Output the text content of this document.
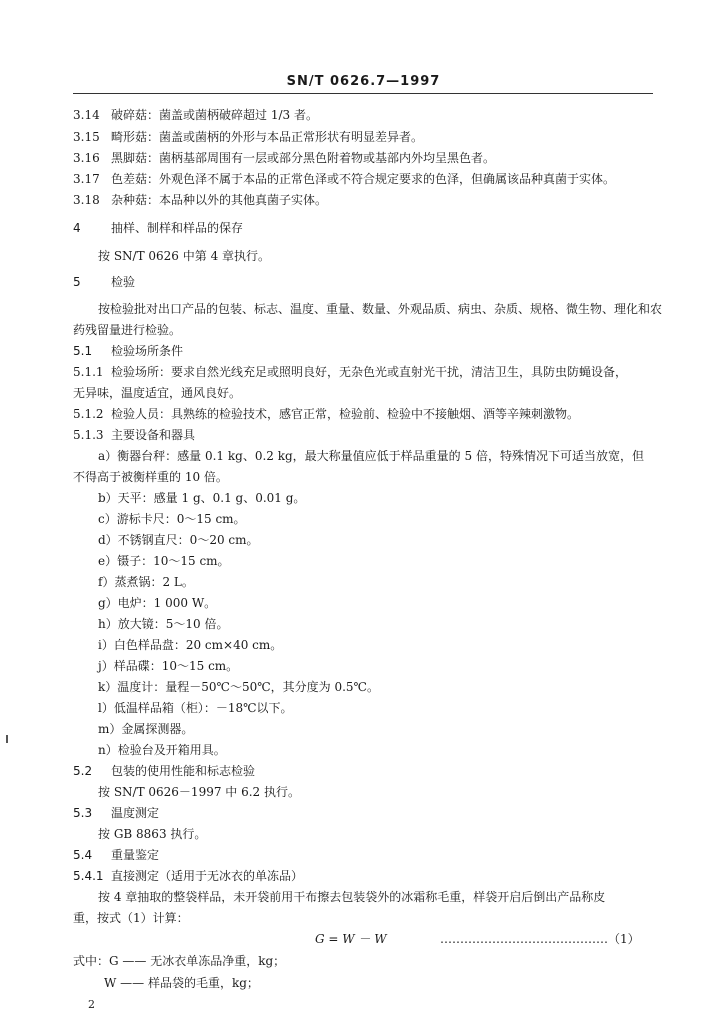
SN/T 0626.7—1997
3.14 破碎菇：菌盖或菌柄破碎超过 1/3 者。
3.15 畸形菇：菌盖或菌柄的外形与本品正常形状有明显差异者。
3.16 黑脚菇：菌柄基部周围有一层或部分黑色附着物或基部内外均呈黑色者。
3.17 色差菇：外观色泽不属于本品的正常色泽或不符合规定要求的色泽，但确属该品种真菌于实体。
3.18 杂种菇：本品种以外的其他真菌子实体。
4	抽样、制样和样品的保存
按 SN/T 0626 中第 4 章执行。
5	检验
按检验批对出口产品的包装、标志、温度、重量、数量、外观品质、病虫、杂质、规格、微生物、理化和农
药残留量进行检验。
5.1 检验场所条件
5.1.1 检验场所：要求自然光线充足或照明良好，无杂色光或直射光干扰，清洁卫生，具防虫防蝇设备，
无异味，温度适宜，通风良好。
5.1.2 检验人员：具熟练的检验技术，感官正常，检验前、检验中不接触烟、酒等辛辣刺激物。
5.1.3 主要设备和器具
a）衡器台秤：感量 0.1 kg、0.2 kg，最大称量值应低于样品重量的 5 倍，特殊情况下可适当放宽，但
不得高于被衡样重的 10 倍。
b）天平：感量 1 g、0.1 g、0.01 g。
c）游标卡尺：0～15 cm。
d）不锈钢直尺：0～20 cm。
e）镊子：10～15 cm。
f）蒸煮锅：2 L。
g）电炉：1 000 W。
h）放大镜：5～10 倍。
i）白色样品盘：20 cm×40 cm。
j）样品碟：10～15 cm。
k）温度计：量程－50℃～50℃，其分度为 0.5℃。
l）低温样品箱（柜）：－18℃以下。
m）金属探测器。
n）检验台及开箱用具。
5.2 包装的使用性能和标志检验
按 SN/T 0626－1997 中 6.2 执行。
5.3 温度测定
按 GB 8863 执行。
5.4 重量鉴定
5.4.1 直接测定（适用于无冰衣的单冻品）
按 4 章抽取的整袋样品，未开袋前用干布擦去包装袋外的冰霜称毛重，样袋开启后倒出产品称皮
重，按式（1）计算：
G = W － W	……………………………………（1）
式中：G —— 无冰衣单冻品净重，kg；
W —— 样品袋的毛重，kg；
2
